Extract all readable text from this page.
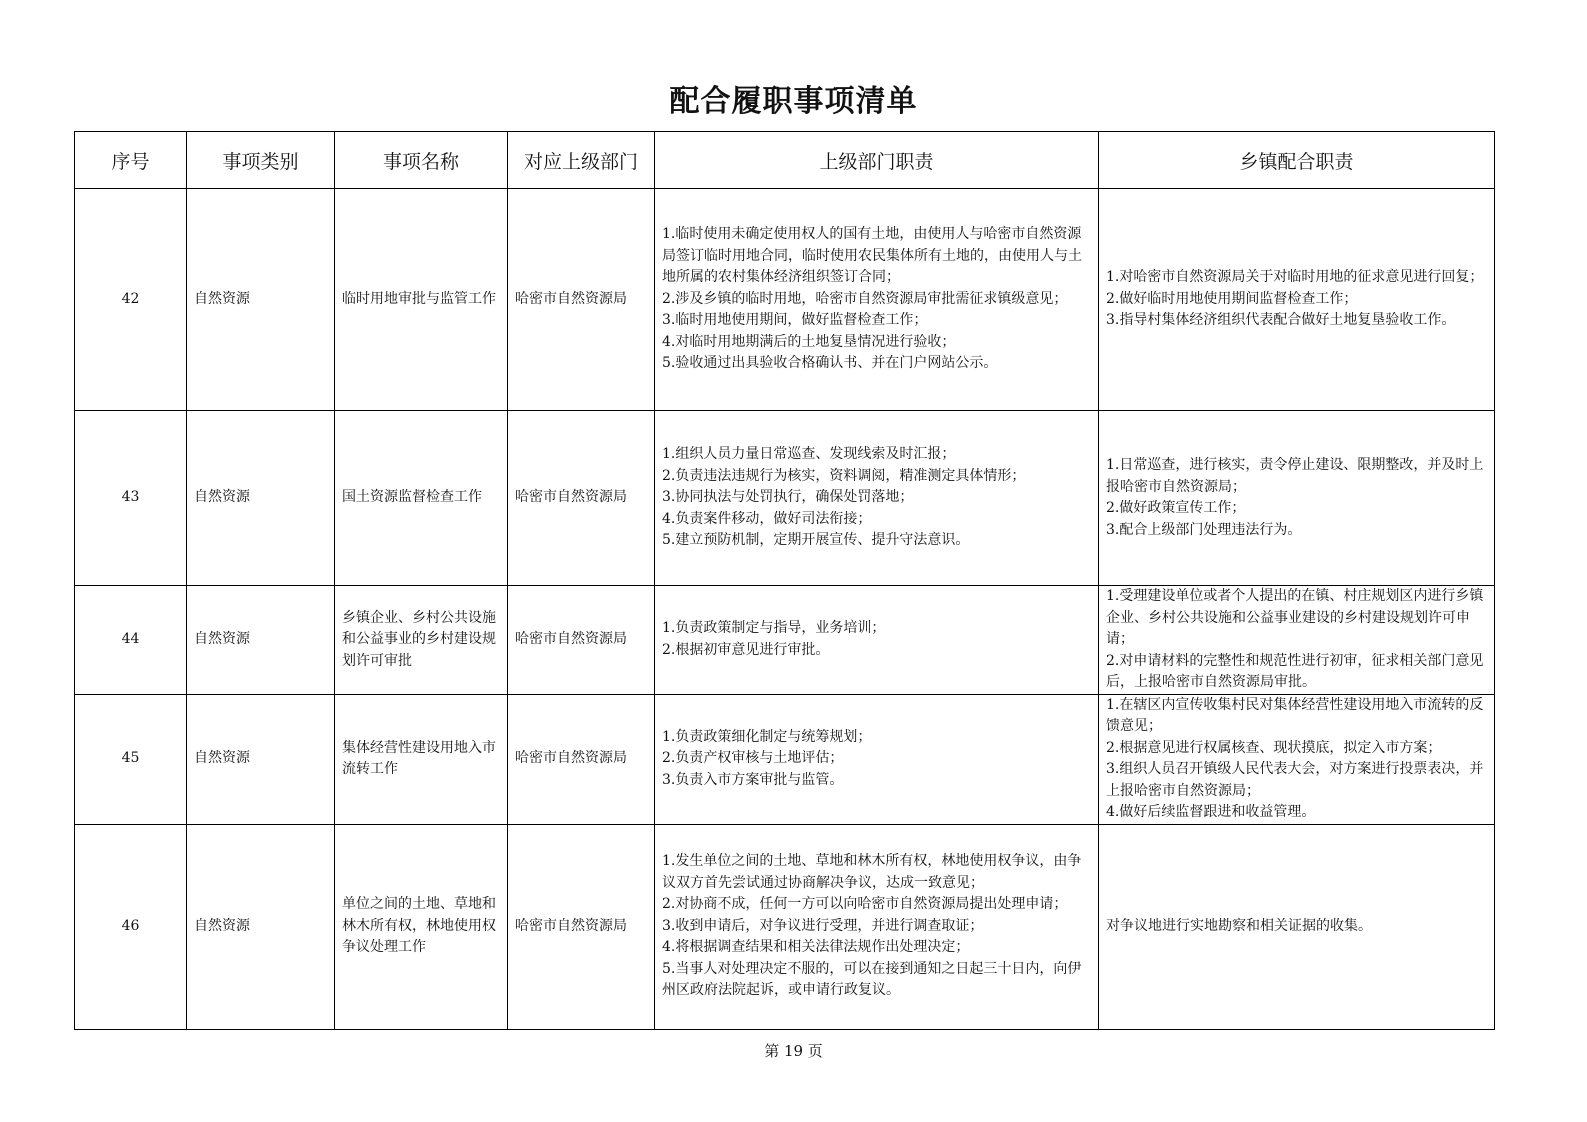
配合履职事项清单
序号	事项类别	事项名称	对应上级部门	上级部门职责	乡镇配合职责
42	自然资源	临时用地审批与监管工作	哈密市自然资源局	1.临时使用未确定使用权人的国有土地，由使用人与哈密市自然资源局签订临时用地合同，临时使用农民集体所有土地的，由使用人与土地所属的农村集体经济组织签订合同；
2.涉及乡镇的临时用地，哈密市自然资源局审批需征求镇级意见；
3.临时用地使用期间，做好监督检查工作；
4.对临时用地期满后的土地复垦情况进行验收；
5.验收通过出具验收合格确认书、并在门户网站公示。	1.对哈密市自然资源局关于对临时用地的征求意见进行回复；
2.做好临时用地使用期间监督检查工作；
3.指导村集体经济组织代表配合做好土地复垦验收工作。

43	自然资源	国土资源监督检查工作	哈密市自然资源局	1.组织人员力量日常巡查、发现线索及时汇报；
2.负责违法违规行为核实，资料调阅，精准测定具体情形；
3.协同执法与处罚执行，确保处罚落地；
4.负责案件移动，做好司法衔接；
5.建立预防机制，定期开展宣传、提升守法意识。	1.日常巡查，进行核实，责令停止建设、限期整改，并及时上报哈密市自然资源局；
2.做好政策宣传工作；
3.配合上级部门处理违法行为。

44	自然资源	乡镇企业、乡村公共设施和公益事业的乡村建设规划许可审批	哈密市自然资源局	1.负责政策制定与指导，业务培训；
2.根据初审意见进行审批。	1.受理建设单位或者个人提出的在镇、村庄规划区内进行乡镇企业、乡村公共设施和公益事业建设的乡村建设规划许可申请；
2.对申请材料的完整性和规范性进行初审，征求相关部门意见后，上报哈密市自然资源局审批。

45	自然资源	集体经营性建设用地入市流转工作	哈密市自然资源局	1.负责政策细化制定与统筹规划；
2.负责产权审核与土地评估；
3.负责入市方案审批与监管。	1.在辖区内宣传收集村民对集体经营性建设用地入市流转的反馈意见；
2.根据意见进行权属核查、现状摸底，拟定入市方案；
3.组织人员召开镇级人民代表大会，对方案进行投票表决，并上报哈密市自然资源局；
4.做好后续监督跟进和收益管理。

46	自然资源	单位之间的土地、草地和林木所有权，林地使用权争议处理工作	哈密市自然资源局	1.发生单位之间的土地、草地和林木所有权，林地使用权争议，由争议双方首先尝试通过协商解决争议，达成一致意见；
2.对协商不成，任何一方可以向哈密市自然资源局提出处理申请；
3.收到申请后，对争议进行受理，并进行调查取证；
4.将根据调查结果和相关法律法规作出处理决定；
5.当事人对处理决定不服的，可以在接到通知之日起三十日内，向伊州区政府法院起诉，或申请行政复议。	对争议地进行实地勘察和相关证据的收集。
第 19 页
